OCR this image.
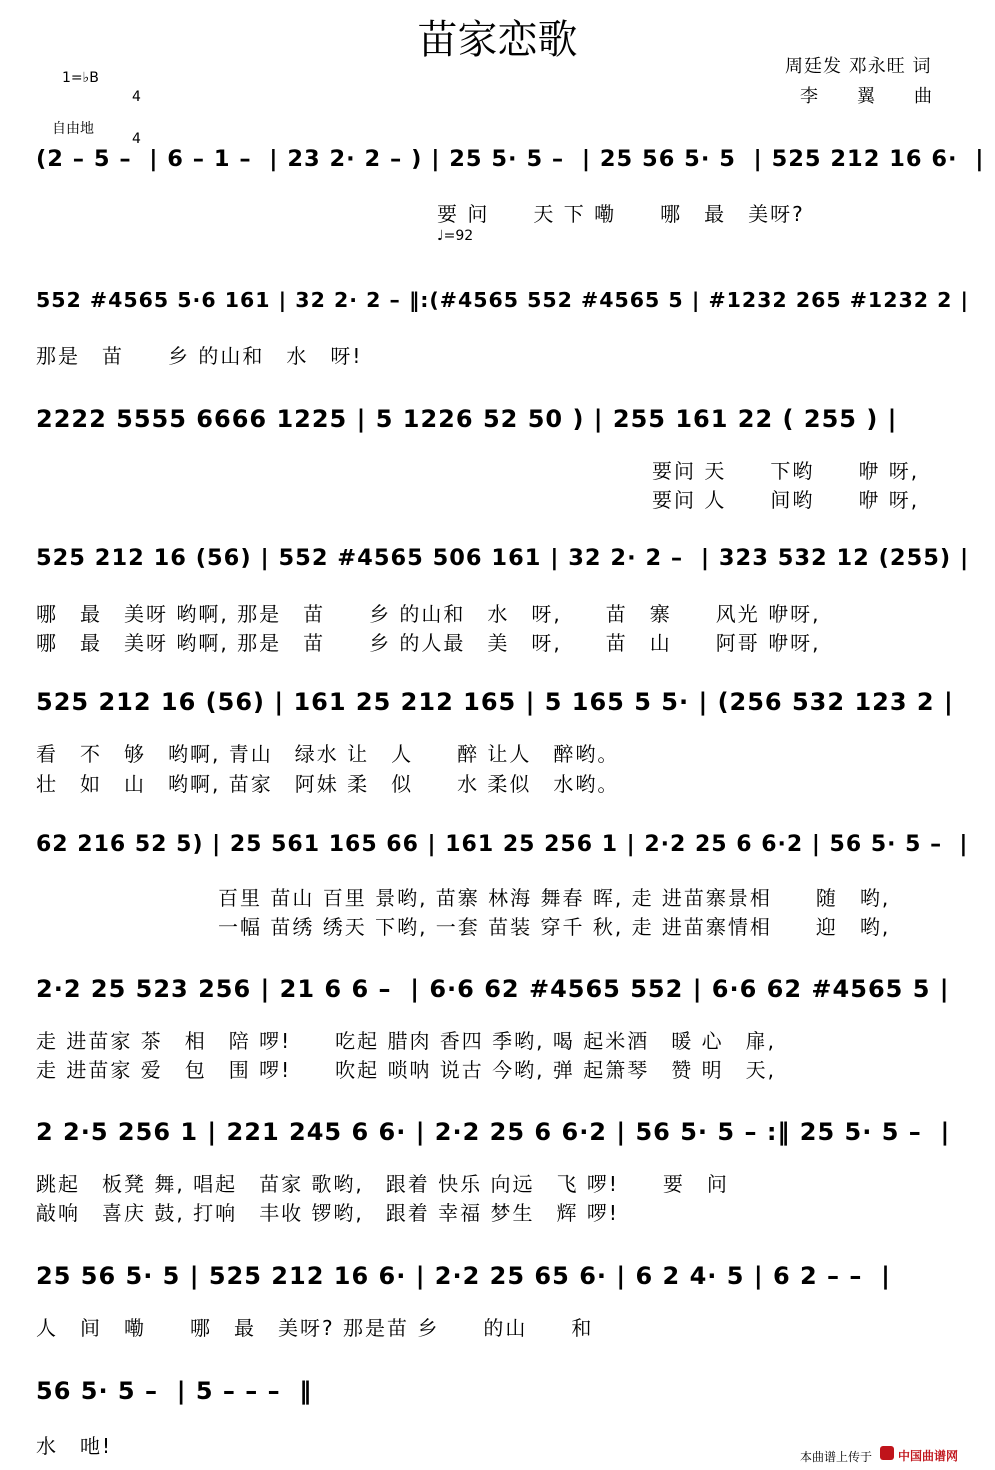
苗家恋歌
1=♭B

4

4

周廷发 邓永旺 词
李　　翼　　曲
自由地
♩=92
(2 – 5 –  | 6 – 1 –  | 23 2· 2 – ) | 25 5· 5 –  | 25 56 5· 5  | 525 212 16 6·  |
要 问　　天 下 嘞　　哪　最　美呀?
552 #4565 5·6 161 | 32 2· 2 – ‖:(#4565 552 #4565 5 | #1232 265 #1232 2 |
那是　苗　　乡 的山和　水　呀!
2222 5555 6666 1225 | 5 1226 52 50 ) | 255 161 22 ( 255 ) |
要问 天　　下哟　　咿 呀,
要问 人　　间哟　　咿 呀,
525 212 16 (56) | 552 #4565 506 161 | 32 2· 2 –  | 323 532 12 (255) |
哪　最　美呀 哟啊, 那是　苗　　乡 的山和　水　呀,　　苗　寨　　风光 咿呀,
哪　最　美呀 哟啊, 那是　苗　　乡 的人最　美　呀,　　苗　山　　阿哥 咿呀,
525 212 16 (56) | 161 25 212 165 | 5 165 5 5· | (256 532 123 2 |
看　不　够　哟啊, 青山　绿水 让　人　　醉 让人　醉哟。
壮　如　山　哟啊, 苗家　阿妹 柔　似　　水 柔似　水哟。
62 216 52 5) | 25 561 165 66 | 161 25 256 1 | 2·2 25 6 6·2 | 56 5· 5 –  |
百里 苗山 百里 景哟, 苗寨 林海 舞春 晖, 走 进苗寨景相　　随　哟,
一幅 苗绣 绣天 下哟, 一套 苗装 穿千 秋, 走 进苗寨情相　　迎　哟,
2·2 25 523 256 | 21 6 6 –  | 6·6 62 #4565 552 | 6·6 62 #4565 5 |
走 进苗家 茶　相　陪 啰!　　吃起 腊肉 香四 季哟, 喝 起米酒　暖 心　扉,
走 进苗家 爱　包　围 啰!　　吹起 唢呐 说古 今哟, 弹 起箫琴　赞 明　天,
2 2·5 256 1 | 221 245 6 6· | 2·2 25 6 6·2 | 56 5· 5 – :‖ 25 5· 5 –  |
跳起　板凳 舞, 唱起　苗家 歌哟,　跟着 快乐 向远　飞 啰!　　要　问
敲响　喜庆 鼓, 打响　丰收 锣哟,　跟着 幸福 梦生　辉 啰!
25 56 5· 5 | 525 212 16 6· | 2·2 25 65 6· | 6 2 4· 5 | 6 2 – –  |
人　间　嘞　　哪　最　美呀? 那是苗 乡　　的山　　和
56 5· 5 –  | 5 – – –  ‖
水　吔!	本曲谱上传于 中国曲谱网
